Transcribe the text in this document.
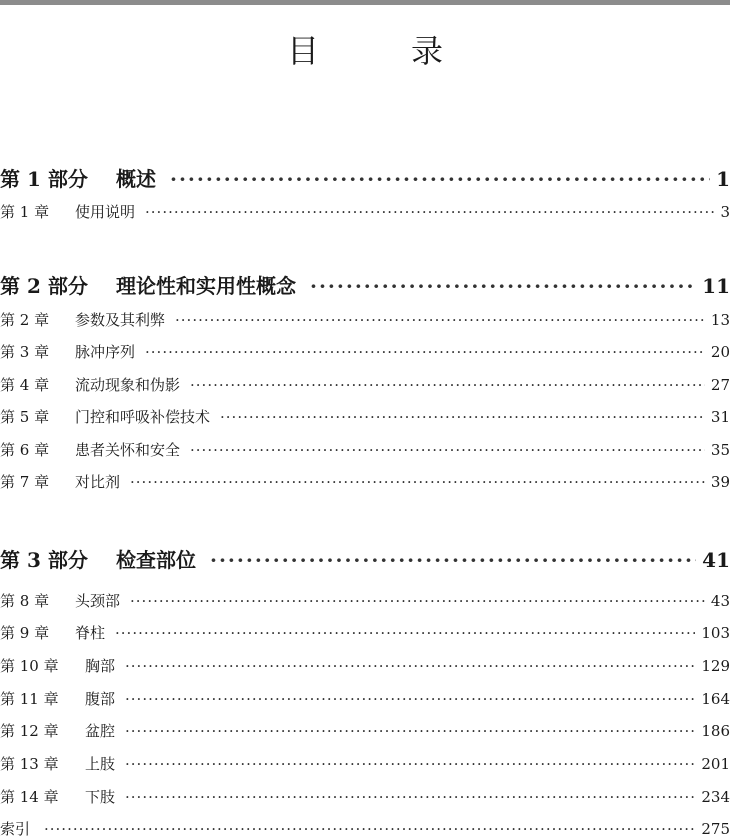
目　录
第 1 部分	概述 ·····	1
第 1 章	使用说明 ·····	3
第 2 部分	理论性和实用性概念 ·····	11
第 2 章	参数及其利弊 ·····	13
第 3 章	脉冲序列 ·····	20
第 4 章	流动现象和伪影 ·····	27
第 5 章	门控和呼吸补偿技术 ·····	31
第 6 章	患者关怀和安全 ·····	35
第 7 章	对比剂 ·····	39
第 3 部分	检查部位 ·····	41
第 8 章	头颈部 ·····	43
第 9 章	脊柱 ·····	103
第 10 章	胸部 ·····	129
第 11 章	腹部 ·····	164
第 12 章	盆腔 ·····	186
第 13 章	上肢 ·····	201
第 14 章	下肢 ·····	234
索引 ·····	275
